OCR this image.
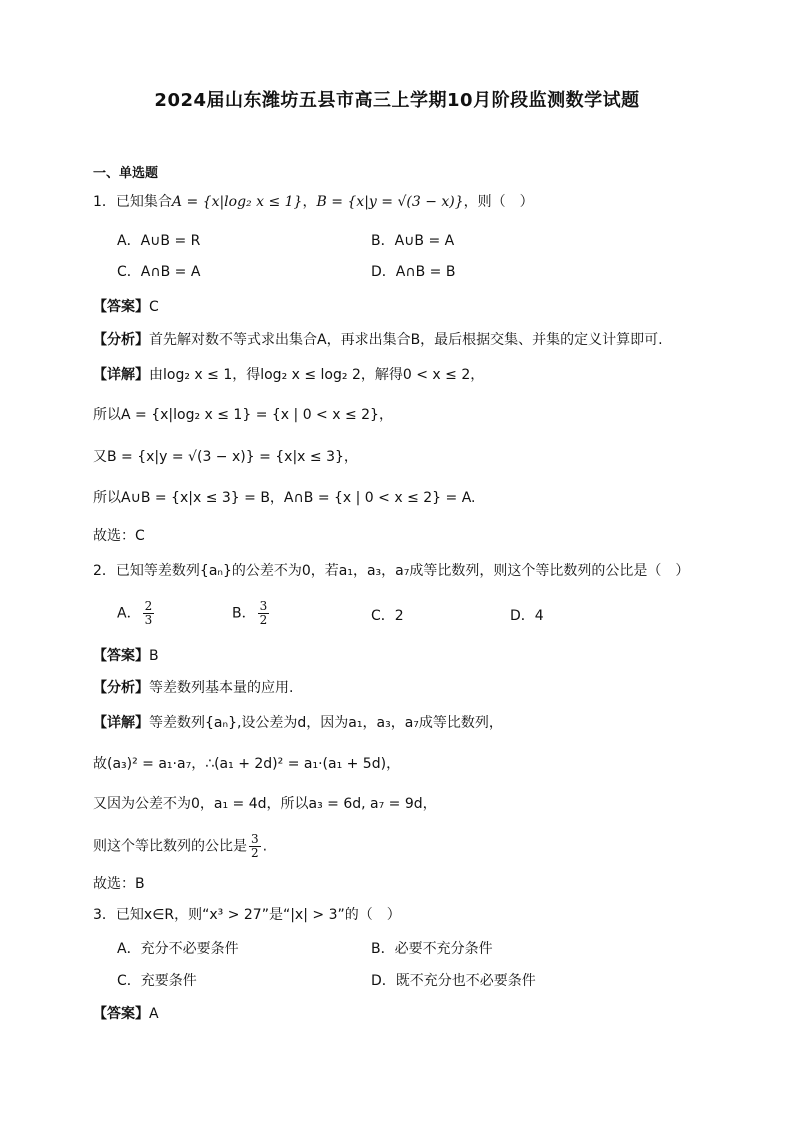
2024届山东潍坊五县市高三上学期10月阶段监测数学试题
一、单选题
1．已知集合A = {x|log₂ x ≤ 1}，B = {x|y = √(3 − x)}，则（　）
A．A∪B = R	B．A∪B = A
C．A∩B = A	D．A∩B = B
【答案】C
【分析】首先解对数不等式求出集合A，再求出集合B，最后根据交集、并集的定义计算即可.
【详解】由log₂ x ≤ 1，得log₂ x ≤ log₂ 2，解得0 < x ≤ 2，
所以A = {x|log₂ x ≤ 1} = {x | 0 < x ≤ 2}，
又B = {x|y = √(3 − x)} = {x|x ≤ 3}，
所以A∪B = {x|x ≤ 3} = B，A∩B = {x | 0 < x ≤ 2} = A.
故选：C
2．已知等差数列{aₙ}的公差不为0，若a₁，a₃，a₇成等比数列，则这个等比数列的公比是（　）
A． $\frac{2}{3}$	B． $\frac{3}{2}$	C．2	D．4
【答案】B
【分析】等差数列基本量的应用.
【详解】等差数列{aₙ},设公差为d，因为a₁，a₃，a₇成等比数列，
故(a₃)² = a₁·a₇，∴(a₁ + 2d)² = a₁·(a₁ + 5d)，
又因为公差不为0，a₁ = 4d，所以a₃ = 6d, a₇ = 9d，
则这个等比数列的公比是 $\frac{3}{2}$ .
故选：B
3．已知x∈R，则“x³ > 27”是“|x| > 3”的（　）
A．充分不必要条件	B．必要不充分条件
C．充要条件	D．既不充分也不必要条件
【答案】A
